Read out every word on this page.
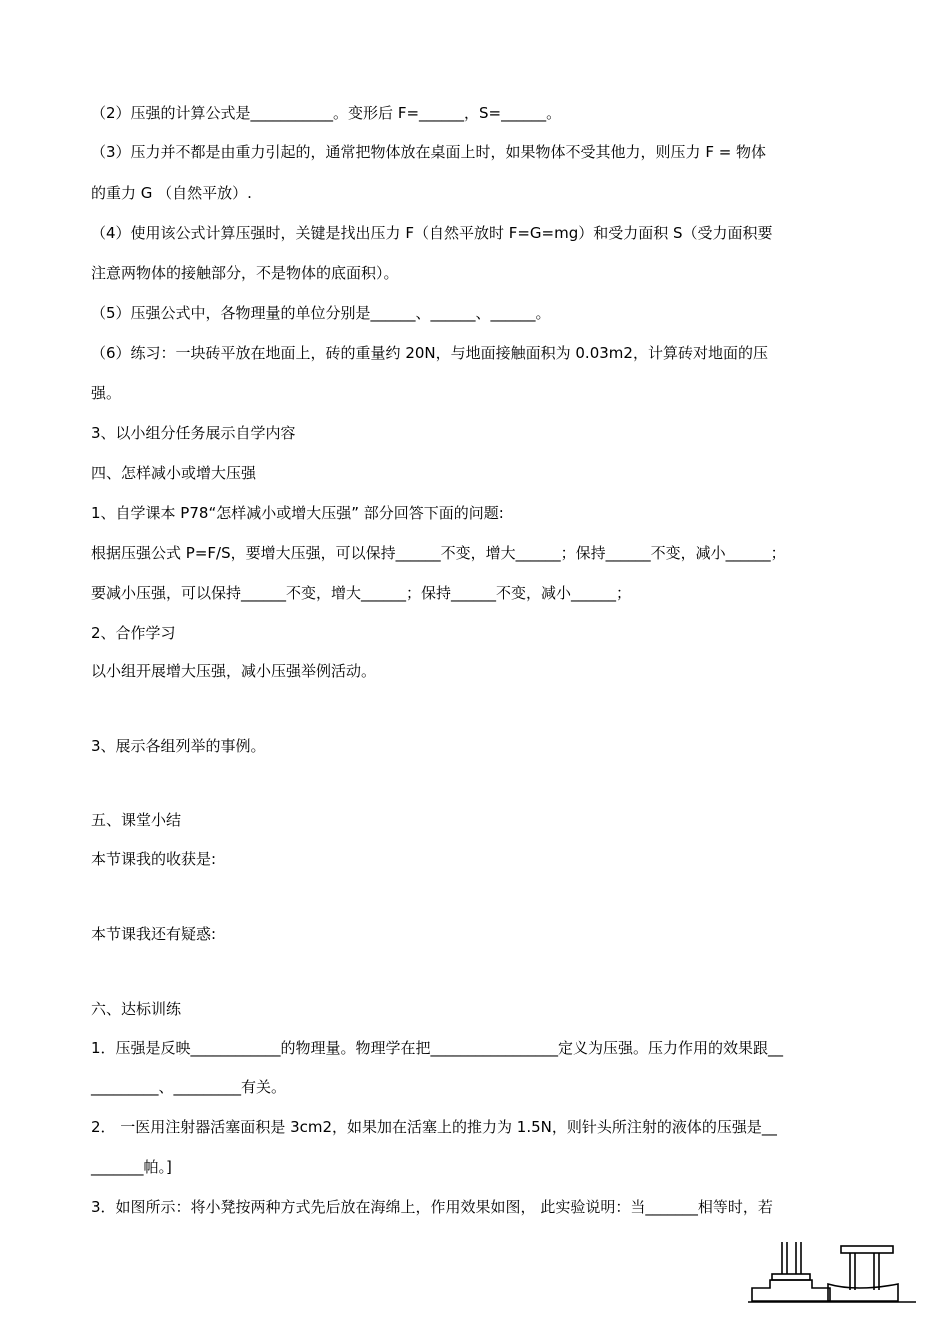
（2）压强的计算公式是___________。变形后 F=______，S=______。

（3）压力并不都是由重力引起的，通常把物体放在桌面上时，如果物体不受其他力，则压力 F = 物体

的重力 G （自然平放）.

（4）使用该公式计算压强时，关键是找出压力 F（自然平放时 F=G=mg）和受力面积 S（受力面积要

注意两物体的接触部分，不是物体的底面积）。

（5）压强公式中，各物理量的单位分别是______、______、______。

（6）练习：一块砖平放在地面上，砖的重量约 20N，与地面接触面积为 0.03m2，计算砖对地面的压

强。

3、以小组分任务展示自学内容

四、怎样减小或增大压强

1、自学课本 P78“怎样减小或增大压强” 部分回答下面的问题:

根据压强公式 P=F/S，要增大压强，可以保持______不变，增大______；保持______不变，减小______；

要减小压强，可以保持______不变，增大______；保持______不变，减小______；

2、合作学习

以小组开展增大压强，减小压强举例活动。

3、展示各组列举的事例。

五、课堂小结

本节课我的收获是:

本节课我还有疑惑:

六、达标训练

1．压强是反映____________的物理量。物理学在把_________________定义为压强。压力作用的效果跟__

_________、_________有关。

2． 一医用注射器活塞面积是 3cm2，如果加在活塞上的推力为 1.5N，则针头所注射的液体的压强是__

_______帕。]

3．如图所示：将小凳按两种方式先后放在海绵上，作用效果如图， 此实验说明：当_______相等时，若
